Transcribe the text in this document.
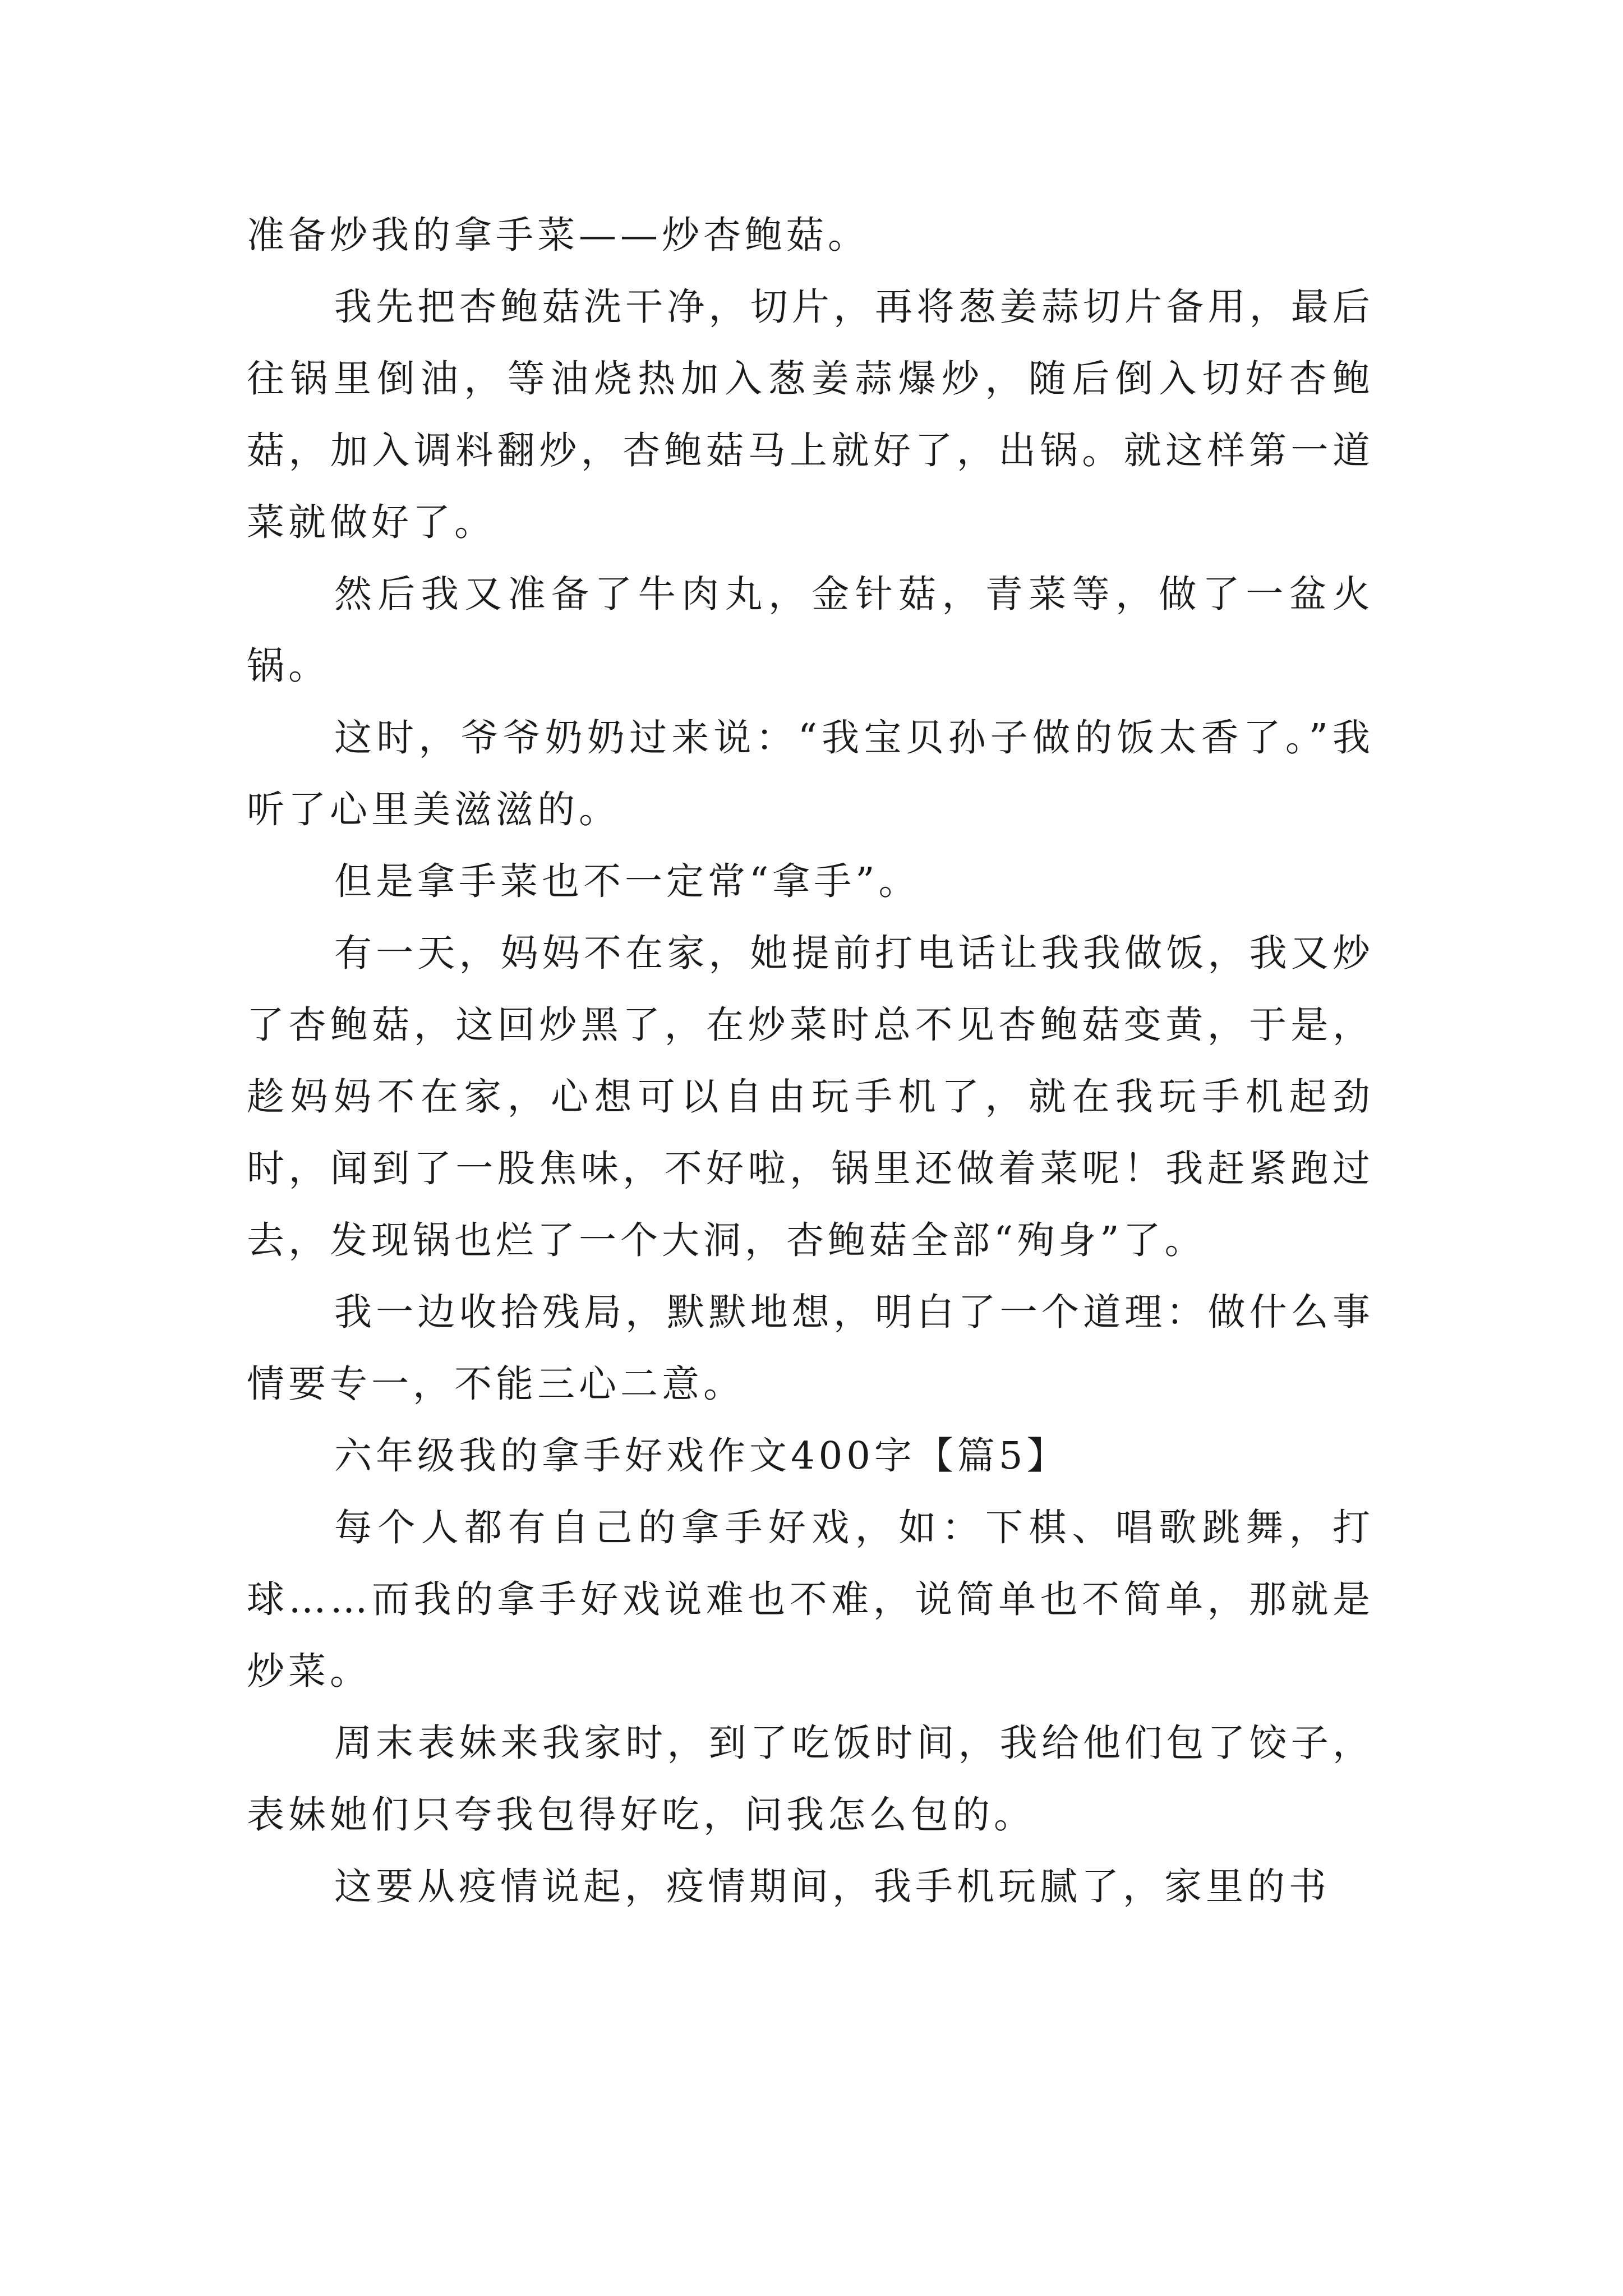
准备炒我的拿手菜——炒杏鲍菇。

我先把杏鲍菇洗干净，切片，再将葱姜蒜切片备用，最后往锅里倒油，等油烧热加入葱姜蒜爆炒，随后倒入切好杏鲍菇，加入调料翻炒，杏鲍菇马上就好了，出锅。就这样第一道菜就做好了。

然后我又准备了牛肉丸，金针菇，青菜等，做了一盆火锅。

这时，爷爷奶奶过来说：“我宝贝孙子做的饭太香了。”我听了心里美滋滋的。

但是拿手菜也不一定常“拿手”。

有一天，妈妈不在家，她提前打电话让我我做饭，我又炒了杏鲍菇，这回炒黑了，在炒菜时总不见杏鲍菇变黄，于是，趁妈妈不在家，心想可以自由玩手机了，就在我玩手机起劲时，闻到了一股焦味，不好啦，锅里还做着菜呢！我赶紧跑过去，发现锅也烂了一个大洞，杏鲍菇全部“殉身”了。

我一边收拾残局，默默地想，明白了一个道理：做什么事情要专一，不能三心二意。

六年级我的拿手好戏作文400字【篇5】

每个人都有自己的拿手好戏，如：下棋、唱歌跳舞，打球……而我的拿手好戏说难也不难，说简单也不简单，那就是炒菜。

周末表妹来我家时，到了吃饭时间，我给他们包了饺子，表妹她们只夸我包得好吃，问我怎么包的。

这要从疫情说起，疫情期间，我手机玩腻了，家里的书
